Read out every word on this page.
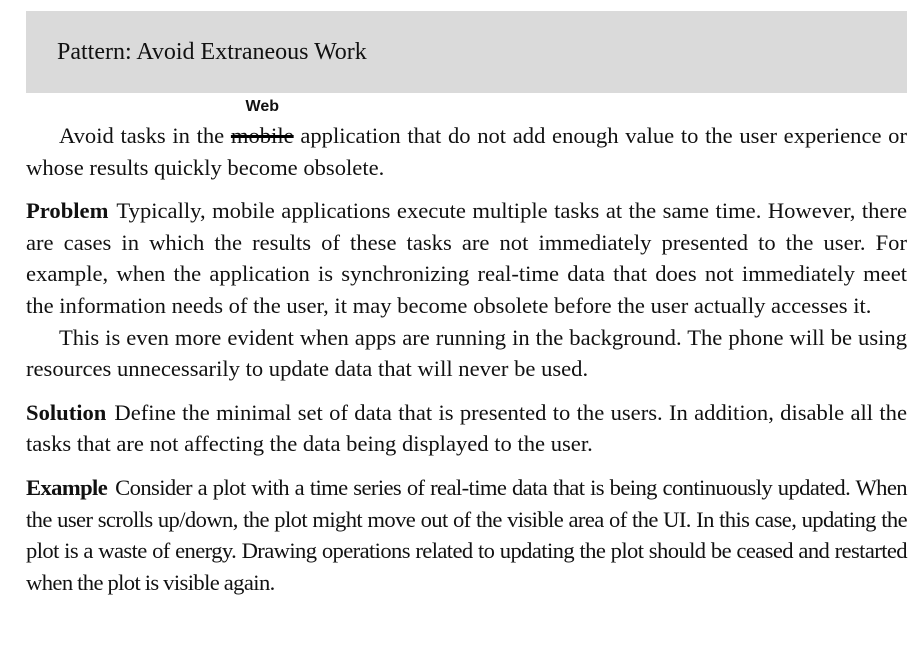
Pattern: Avoid Extraneous Work

Avoid tasks in the mobile
Web
application that do not add enough value to the user experience or whose results quickly become obsolete.

Problem Typically, mobile applications execute multiple tasks at the same time. However, there are cases in which the results of these tasks are not immediately presented to the user. For example, when the application is synchronizing real-time data that does not immediately meet the information needs of the user, it may become obsolete before the user actually accesses it.

This is even more evident when apps are running in the background. The phone will be using resources unnecessarily to update data that will never be used.

Solution Define the minimal set of data that is presented to the users. In addition, disable all the tasks that are not affecting the data being displayed to the user.

Example Consider a plot with a time series of real-time data that is being continuously updated. When the user scrolls up/down, the plot might move out of the visible area of the UI. In this case, updating the plot is a waste of energy. Drawing operations related to updating the plot should be ceased and restarted when the plot is visible again.
